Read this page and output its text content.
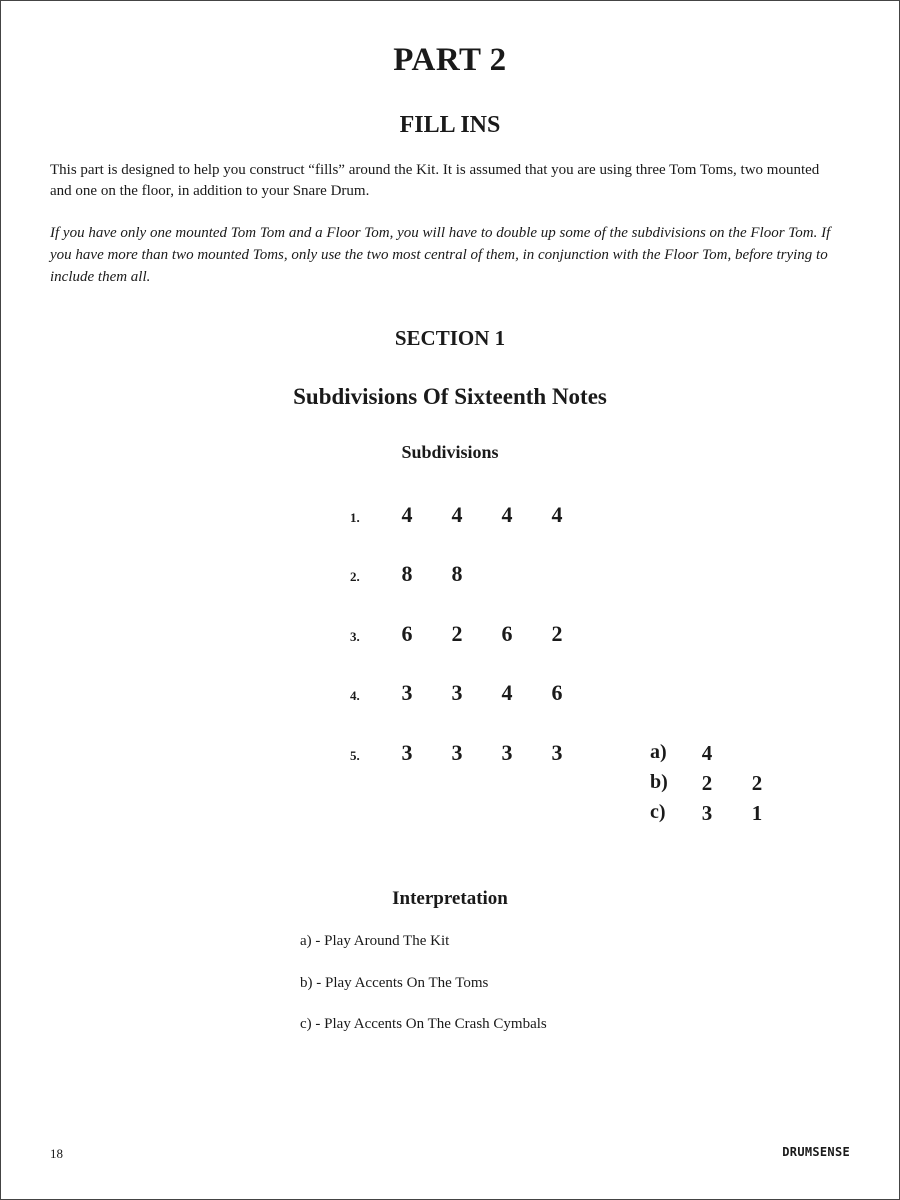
PART 2
FILL INS

This part is designed to help you construct “fills” around the Kit. It is assumed that you are using three Tom Toms, two mounted and one on the floor, in addition to your Snare Drum.

If you have only one mounted Tom Tom and a Floor Tom, you will have to double up some of the subdivisions on the Floor Tom. If you have more than two mounted Toms, only use the two most central of them, in conjunction with the Floor Tom, before trying to include them all.

SECTION 1
Subdivisions Of Sixteenth Notes
Subdivisions
1.	4	4	4	4
2.	8	8
3.	6	2	6	2
4.	3	3	4	6
5.	3	3	3	3	a)	4
b)	2	2
c)	3	1
Interpretation
a) - Play Around The Kit
b) - Play Accents On The Toms
c) - Play Accents On The Crash Cymbals
18	DRUMSENSE
